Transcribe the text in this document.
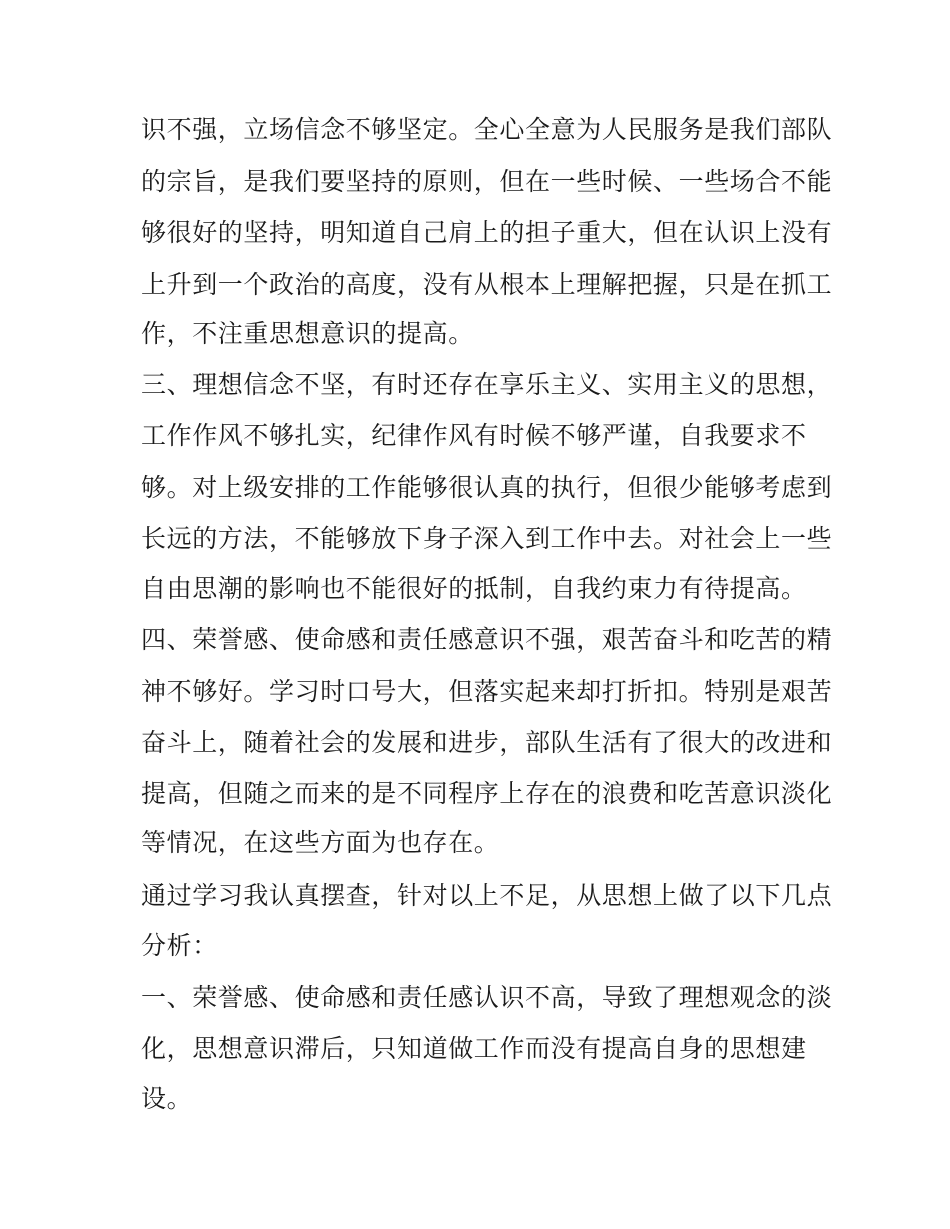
识不强，立场信念不够坚定。全心全意为人民服务是我们部队
的宗旨，是我们要坚持的原则，但在一些时候、一些场合不能
够很好的坚持，明知道自己肩上的担子重大，但在认识上没有
上升到一个政治的高度，没有从根本上理解把握，只是在抓工
作，不注重思想意识的提高。
三、理想信念不坚，有时还存在享乐主义、实用主义的思想，
工作作风不够扎实，纪律作风有时候不够严谨，自我要求不
够。对上级安排的工作能够很认真的执行，但很少能够考虑到
长远的方法，不能够放下身子深入到工作中去。对社会上一些
自由思潮的影响也不能很好的抵制，自我约束力有待提高。
四、荣誉感、使命感和责任感意识不强，艰苦奋斗和吃苦的精
神不够好。学习时口号大，但落实起来却打折扣。特别是艰苦
奋斗上，随着社会的发展和进步，部队生活有了很大的改进和
提高，但随之而来的是不同程序上存在的浪费和吃苦意识淡化
等情况，在这些方面为也存在。
通过学习我认真摆查，针对以上不足，从思想上做了以下几点
分析：
一、荣誉感、使命感和责任感认识不高，导致了理想观念的淡
化，思想意识滞后，只知道做工作而没有提高自身的思想建
设。
